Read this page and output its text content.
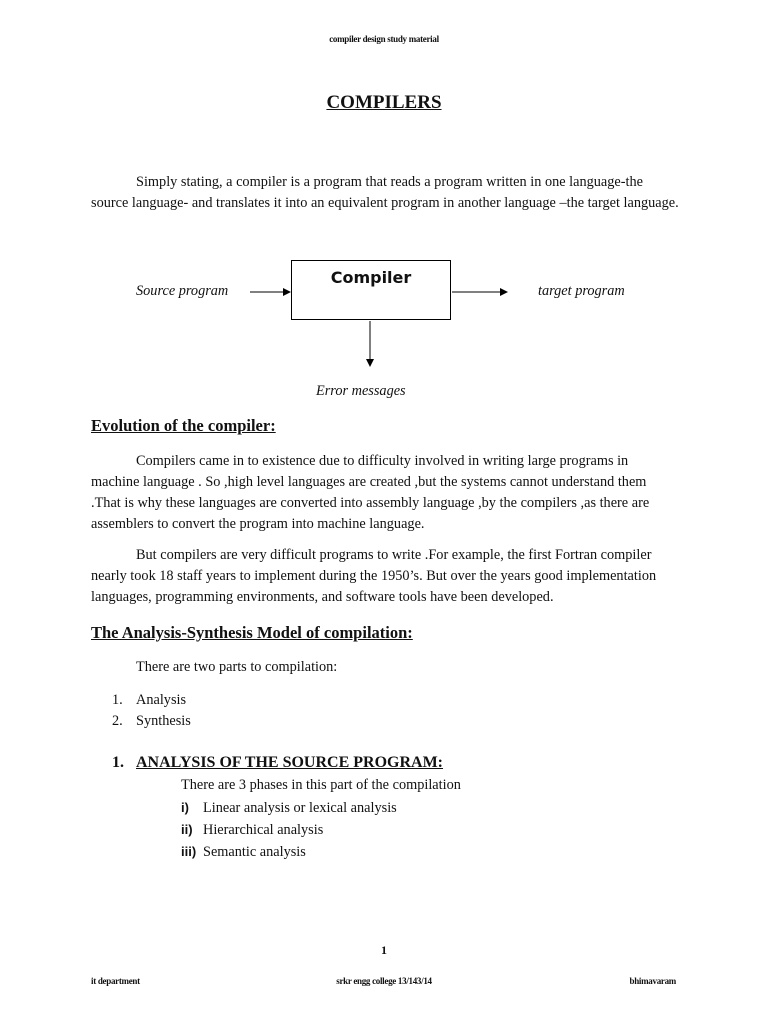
compiler design study material
COMPILERS

Simply stating, a compiler is a program that reads a program written in one language-the source language- and translates it into an equivalent program in another language –the target language.

Source program
Compiler
target program
Error messages
Evolution of the compiler:

Compilers came in to existence due to difficulty involved in writing large programs in machine language . So ,high level languages are created ,but the systems cannot understand them .That is why these languages are converted into assembly language ,by the compilers ,as there are assemblers to convert the program into machine language.

But compilers are very difficult programs to write .For example, the first Fortran compiler nearly took 18 staff years to implement during the 1950’s. But over the years good implementation languages, programming environments, and software tools have been developed.

The Analysis-Synthesis Model of compilation:
There are two parts to compilation:
1. Analysis
2. Synthesis
1. ANALYSIS OF THE SOURCE PROGRAM:
There are 3 phases in this part of the compilation
i) Linear analysis or lexical analysis
ii) Hierarchical analysis
iii) Semantic analysis
1
it department	srkr engg college 13/143/14	bhimavaram
